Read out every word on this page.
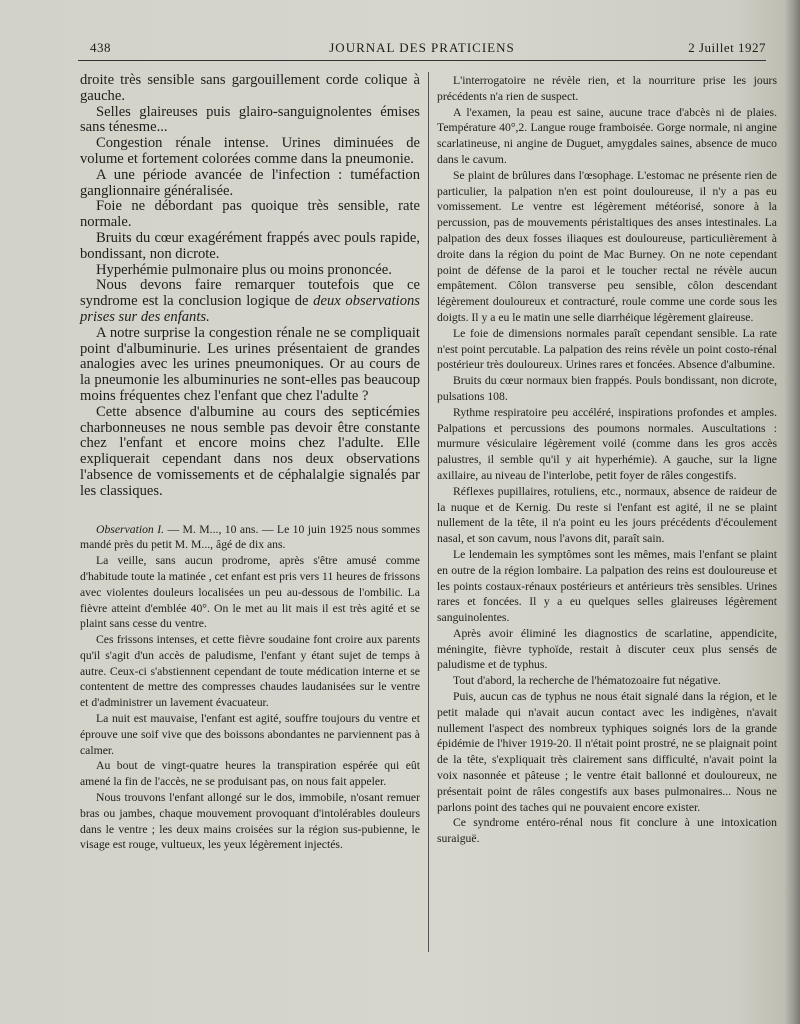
438	JOURNAL DES PRATICIENS	2 Juillet 1927

droite très sensible sans gargouillement corde colique à gauche.

Selles glaireuses puis glairo-sanguignolentes émises sans ténesme...

Congestion rénale intense. Urines diminuées de volume et fortement colorées comme dans la pneumonie.

A une période avancée de l'infection : tuméfaction ganglionnaire généralisée.

Foie ne débordant pas quoique très sensible, rate normale.

Bruits du cœur exagérément frappés avec pouls rapide, bondissant, non dicrote.

Hyperhémie pulmonaire plus ou moins prononcée.

Nous devons faire remarquer toutefois que ce syndrome est la conclusion logique de deux observations prises sur des enfants.

A notre surprise la congestion rénale ne se compliquait point d'albuminurie. Les urines présentaient de grandes analogies avec les urines pneumoniques. Or au cours de la pneumonie les albuminuries ne sont-elles pas beaucoup moins fréquentes chez l'enfant que chez l'adulte ?

Cette absence d'albumine au cours des septicémies charbonneuses ne nous semble pas devoir être constante chez l'enfant et encore moins chez l'adulte. Elle expliquerait cependant dans nos deux observations l'absence de vomissements et de céphalalgie signalés par les classiques.

Observation I. — M. M..., 10 ans. — Le 10 juin 1925 nous sommes mandé près du petit M. M..., âgé de dix ans.

La veille, sans aucun prodrome, après s'être amusé comme d'habitude toute la matinée , cet enfant est pris vers 11 heures de frissons avec violentes douleurs localisées un peu au-dessous de l'ombilic. La fièvre atteint d'emblée 40°. On le met au lit mais il est très agité et se plaint sans cesse du ventre.

Ces frissons intenses, et cette fièvre soudaine font croire aux parents qu'il s'agit d'un accès de paludisme, l'enfant y étant sujet de temps à autre. Ceux-ci s'abstiennent cependant de toute médication interne et se contentent de mettre des compresses chaudes laudanisées sur le ventre et d'administrer un lavement évacuateur.

La nuit est mauvaise, l'enfant est agité, souffre toujours du ventre et éprouve une soif vive que des boissons abondantes ne parviennent pas à calmer.

Au bout de vingt-quatre heures la transpiration espérée qui eût amené la fin de l'accès, ne se produisant pas, on nous fait appeler.

Nous trouvons l'enfant allongé sur le dos, immobile, n'osant remuer bras ou jambes, chaque mouvement provoquant d'intolérables douleurs dans le ventre ; les deux mains croisées sur la région sus-pubienne, le visage est rouge, vultueux, les yeux légèrement injectés.

L'interrogatoire ne révèle rien, et la nourriture prise les jours précédents n'a rien de suspect.

A l'examen, la peau est saine, aucune trace d'abcès ni de plaies. Température 40°,2. Langue rouge framboisée. Gorge normale, ni angine scarlatineuse, ni angine de Duguet, amygdales saines, absence de muco dans le cavum.

Se plaint de brûlures dans l'œsophage. L'estomac ne présente rien de particulier, la palpation n'en est point douloureuse, il n'y a pas eu vomissement. Le ventre est légèrement météorisé, sonore à la percussion, pas de mouvements péristaltiques des anses intestinales. La palpation des deux fosses iliaques est douloureuse, particulièrement à droite dans la région du point de Mac Burney. On ne note cependant point de défense de la paroi et le toucher rectal ne révèle aucun empâtement. Côlon transverse peu sensible, côlon descendant légèrement douloureux et contracturé, roule comme une corde sous les doigts. Il y a eu le matin une selle diarrhéique légèrement glaireuse.

Le foie de dimensions normales paraît cependant sensible. La rate n'est point percutable. La palpation des reins révèle un point costo-rénal postérieur très douloureux. Urines rares et foncées. Absence d'albumine.

Bruits du cœur normaux bien frappés. Pouls bondissant, non dicrote, pulsations 108.

Rythme respiratoire peu accéléré, inspirations profondes et amples. Palpations et percussions des poumons normales. Auscultations : murmure vésiculaire légèrement voilé (comme dans les gros accès palustres, il semble qu'il y ait hyperhémie). A gauche, sur la ligne axillaire, au niveau de l'interlobe, petit foyer de râles congestifs.

Réflexes pupillaires, rotuliens, etc., normaux, absence de raideur de la nuque et de Kernig. Du reste si l'enfant est agité, il ne se plaint nullement de la tête, il n'a point eu les jours précédents d'écoulement nasal, et son cavum, nous l'avons dit, paraît sain.

Le lendemain les symptômes sont les mêmes, mais l'enfant se plaint en outre de la région lombaire. La palpation des reins est douloureuse et les points costaux-rénaux postérieurs et antérieurs très sensibles. Urines rares et foncées. Il y a eu quelques selles glaireuses légèrement sanguinolentes.

Après avoir éliminé les diagnostics de scarlatine, appendicite, méningite, fièvre typhoïde, restait à discuter ceux plus sensés de paludisme et de typhus.

Tout d'abord, la recherche de l'hématozoaire fut négative.

Puis, aucun cas de typhus ne nous était signalé dans la région, et le petit malade qui n'avait aucun contact avec les indigènes, n'avait nullement l'aspect des nombreux typhiques soignés lors de la grande épidémie de l'hiver 1919-20. Il n'était point prostré, ne se plaignait point de la tête, s'expliquait très clairement sans difficulté, n'avait point la voix nasonnée et pâteuse ; le ventre était ballonné et douloureux, ne présentait point de râles congestifs aux bases pulmonaires... Nous ne parlons point des taches qui ne pouvaient encore exister.

Ce syndrome entéro-rénal nous fit conclure à une intoxication suraiguë.
